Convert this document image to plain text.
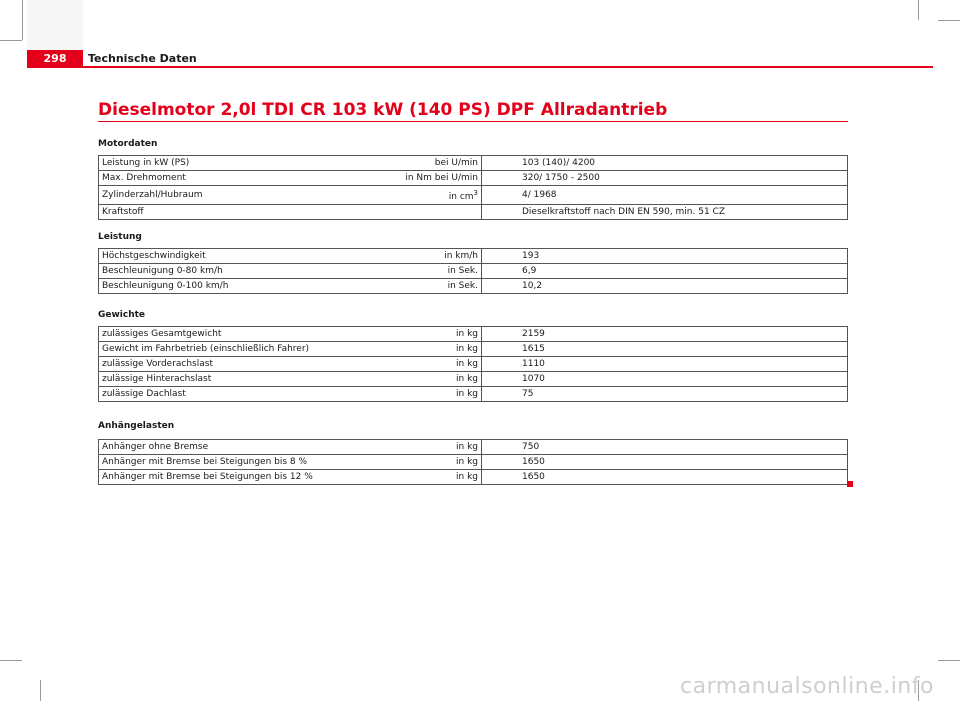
298	Technische Daten
Dieselmotor 2,0l TDI CR 103 kW (140 PS) DPF Allradantrieb
Motordaten
Leistung in kW (PS)	bei U/min	103 (140)/ 4200
Max. Drehmoment	in Nm bei U/min	320/ 1750 - 2500
Zylinderzahl/Hubraum	in $cm^3$	4/ 1968
Kraftstoff		Dieselkraftstoff nach DIN EN 590, min. 51 CZ
Leistung
Höchstgeschwindigkeit	in km/h	193
Beschleunigung 0-80 km/h	in Sek.	6,9
Beschleunigung 0-100 km/h	in Sek.	10,2
Gewichte
zulässiges Gesamtgewicht	in kg	2159
Gewicht im Fahrbetrieb (einschließlich Fahrer)	in kg	1615
zulässige Vorderachslast	in kg	1110
zulässige Hinterachslast	in kg	1070
zulässige Dachlast	in kg	75
Anhängelasten
Anhänger ohne Bremse	in kg	750
Anhänger mit Bremse bei Steigungen bis 8 %	in kg	1650
Anhänger mit Bremse bei Steigungen bis 12 %	in kg	1650
carmanualsonline.info
